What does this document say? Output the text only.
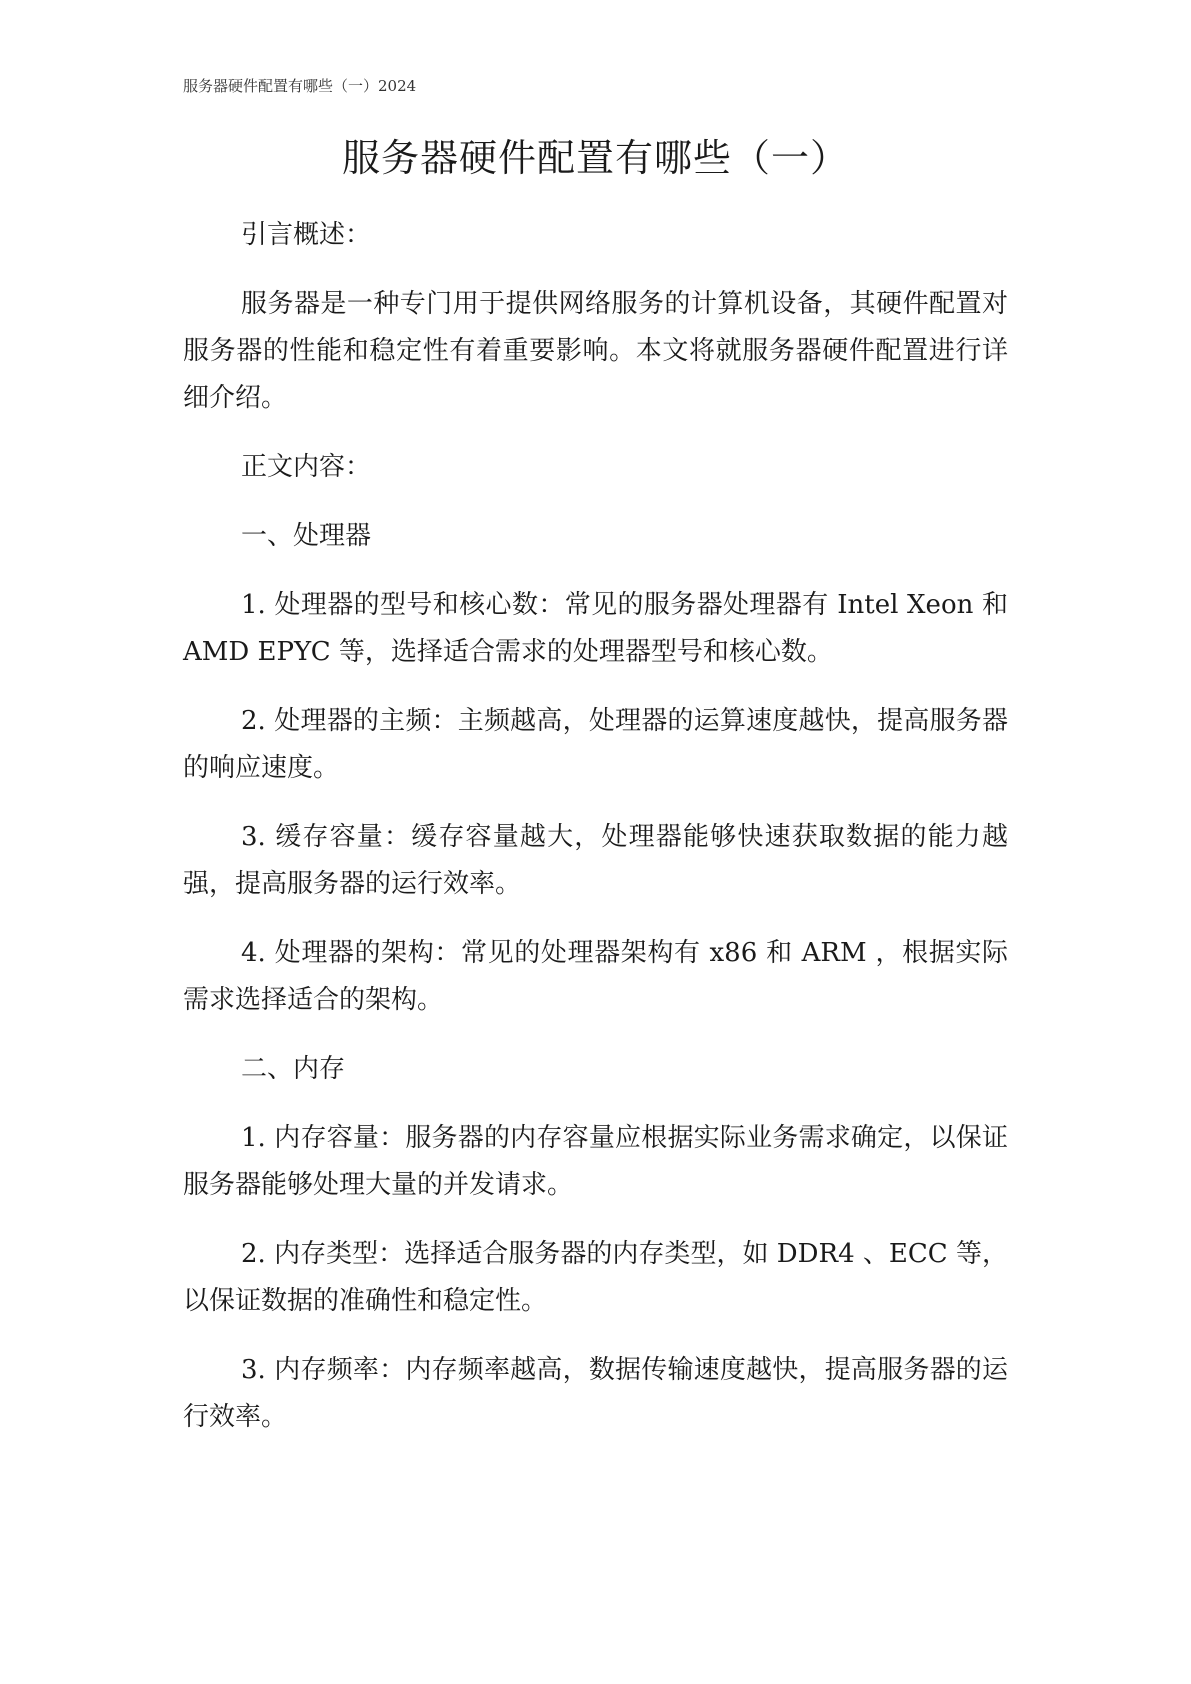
服务器硬件配置有哪些（一）2024
服务器硬件配置有哪些（一）

引言概述：

服务器是一种专门用于提供网络服务的计算机设备，其硬件配置对服务器的性能和稳定性有着重要影响。本文将就服务器硬件配置进行详细介绍。

正文内容：

一、处理器

1. 处理器的型号和核心数：常见的服务器处理器有 Intel Xeon 和 AMD EPYC 等，选择适合需求的处理器型号和核心数。

2. 处理器的主频：主频越高，处理器的运算速度越快，提高服务器的响应速度。

3. 缓存容量：缓存容量越大，处理器能够快速获取数据的能力越强，提高服务器的运行效率。

4. 处理器的架构：常见的处理器架构有 x86 和 ARM ，根据实际需求选择适合的架构。

二、内存

1. 内存容量：服务器的内存容量应根据实际业务需求确定，以保证服务器能够处理大量的并发请求。

2. 内存类型：选择适合服务器的内存类型，如 DDR4 、ECC 等，以保证数据的准确性和稳定性。

3. 内存频率：内存频率越高，数据传输速度越快，提高服务器的运行效率。
